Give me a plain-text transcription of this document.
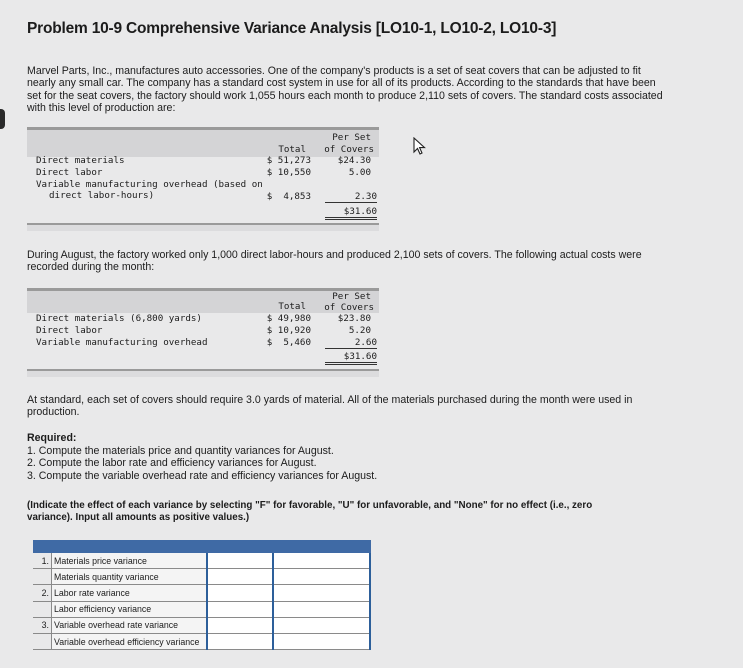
Problem 10-9 Comprehensive Variance Analysis [LO10-1, LO10-2, LO10-3]
Marvel Parts, Inc., manufactures auto accessories. One of the company's products is a set of seat covers that can be adjusted to fit
nearly any small car. The company has a standard cost system in use for all of its products. According to the standards that have been
set for the seat covers, the factory should work 1,055 hours each month to produce 2,110 sets of covers. The standard costs associated
with this level of production are:
Total
Per Set
of Covers
Direct materials	$ 51,273	$24.30
Direct labor	$ 10,550	5.00
Variable manufacturing overhead (based on
direct labor-hours)	$  4,853	2.30
$31.60
During August, the factory worked only 1,000 direct labor-hours and produced 2,100 sets of covers. The following actual costs were
recorded during the month:
Total
Per Set
of Covers
Direct materials (6,800 yards)	$ 49,980	$23.80
Direct labor	$ 10,920	5.20
Variable manufacturing overhead	$  5,460	2.60
$31.60
At standard, each set of covers should require 3.0 yards of material. All of the materials purchased during the month were used in
production.
Required:
1. Compute the materials price and quantity variances for August.
2. Compute the labor rate and efficiency variances for August.
3. Compute the variable overhead rate and efficiency variances for August.
(Indicate the effect of each variance by selecting "F" for favorable, "U" for unfavorable, and "None" for no effect (i.e., zero
variance). Input all amounts as positive values.)

1.	Materials price variance		
	Materials quantity variance		
2.	Labor rate variance		
	Labor efficiency variance		
3.	Variable overhead rate variance		
	Variable overhead efficiency variance		
